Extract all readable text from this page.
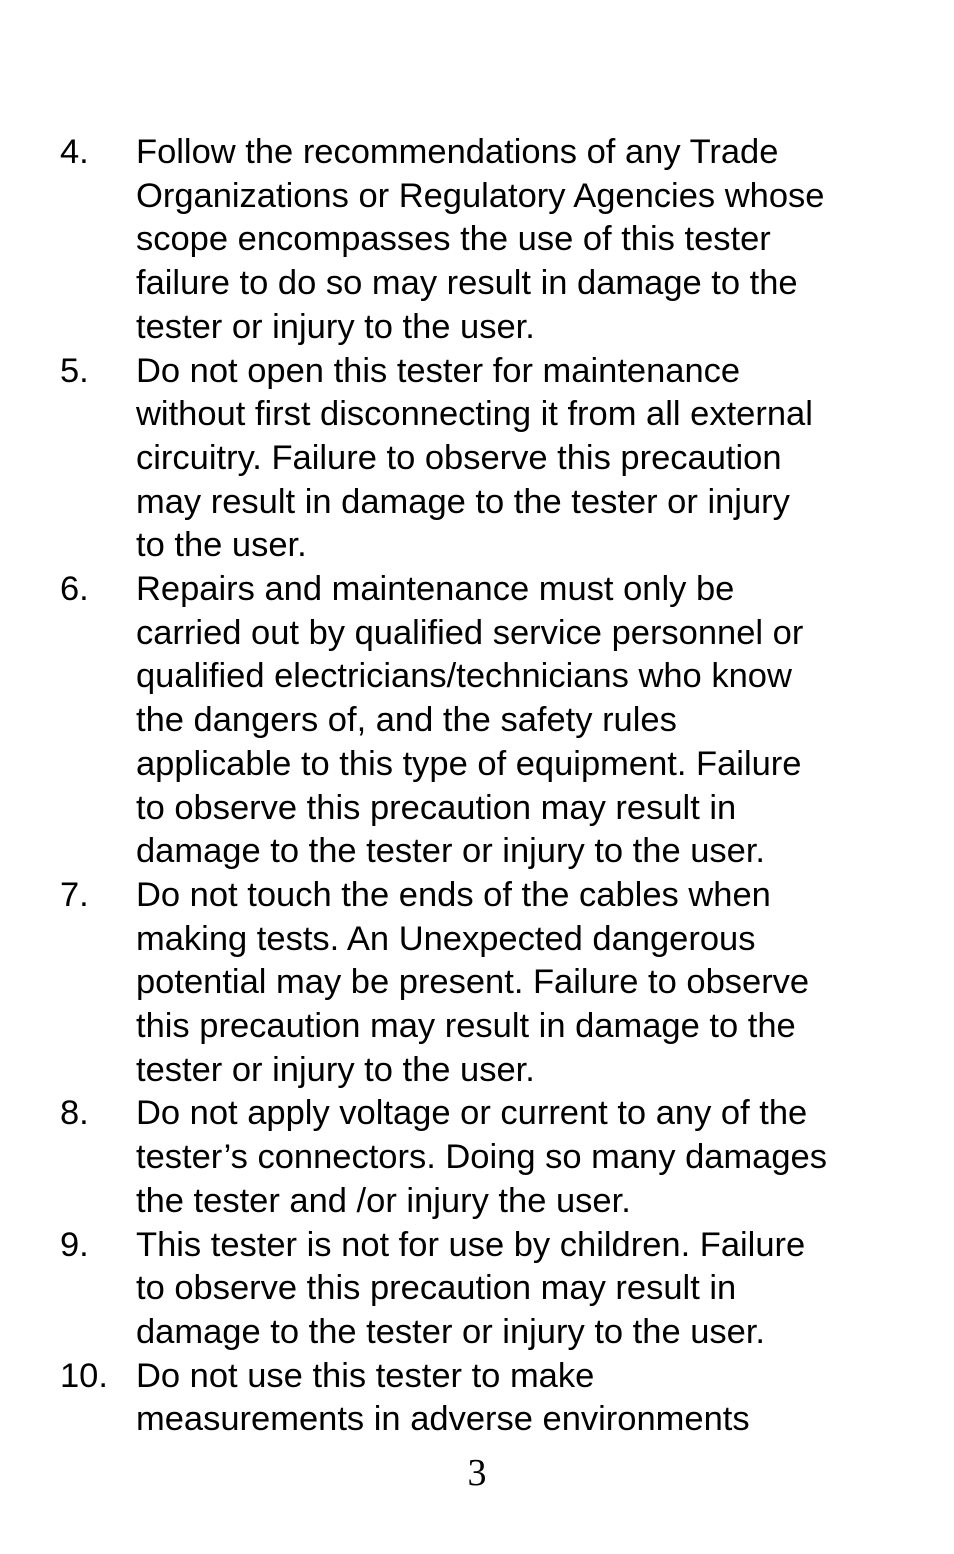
4. Follow the recommendations of any Trade
Organizations or Regulatory Agencies whose
scope encompasses the use of this tester
failure to do so may result in damage to the
tester or injury to the user.
5. Do not open this tester for maintenance
without first disconnecting it from all external
circuitry. Failure to observe this precaution
may result in damage to the tester or injury
to the user.
6. Repairs and maintenance must only be
carried out by qualified service personnel or
qualified electricians/technicians who know
the dangers of, and the safety rules
applicable to this type of equipment. Failure
to observe this precaution may result in
damage to the tester or injury to the user.
7. Do not touch the ends of the cables when
making tests. An Unexpected dangerous
potential may be present. Failure to observe
this precaution may result in damage to the
tester or injury to the user.
8. Do not apply voltage or current to any of the
tester’s connectors. Doing so many damages
the tester and /or injury the user.
9. This tester is not for use by children. Failure
to observe this precaution may result in
damage to the tester or injury to the user.
10. Do not use this tester to make
measurements in adverse environments
3
